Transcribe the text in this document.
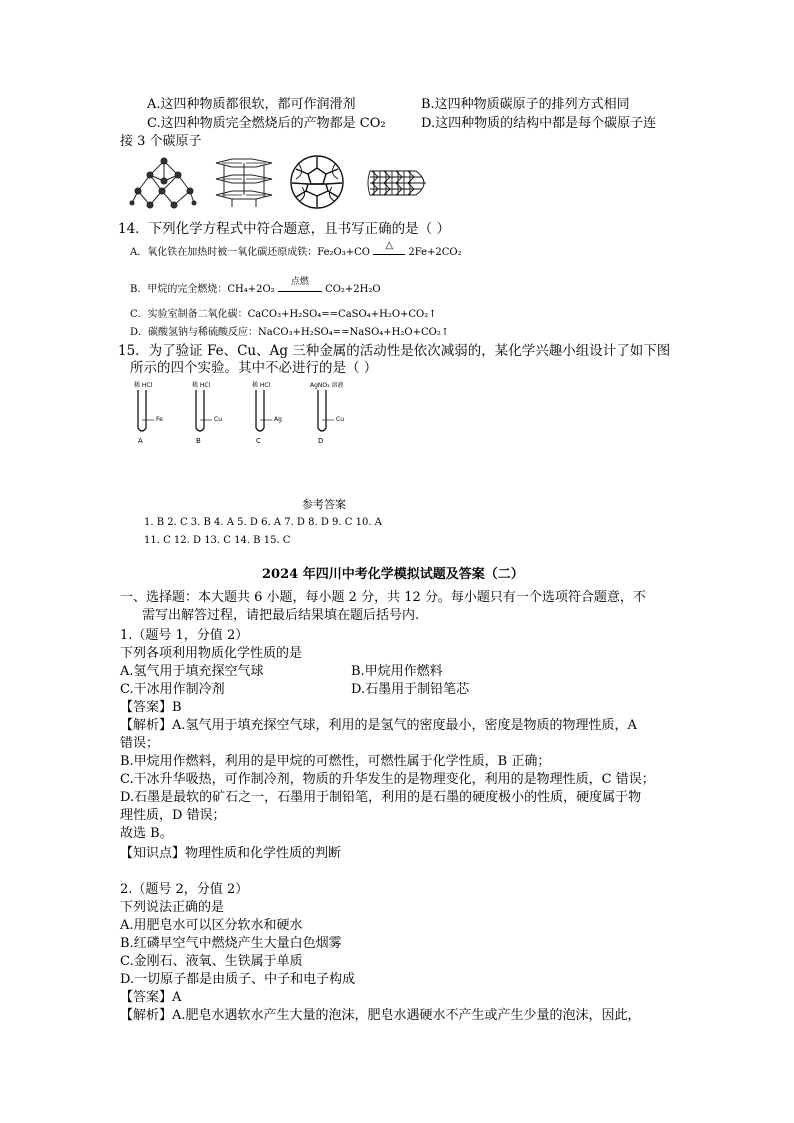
A.这四种物质都很软，都可作润滑剂	B.这四种物质碳原子的排列方式相同
C.这四种物质完全燃烧后的产物都是 CO₂	D.这四种物质的结构中都是每个碳原子连
接 3 个碳原子
14．下列化学方程式中符合题意，且书写正确的是（ ）
A．氧化铁在加热时被一氧化碳还原成铁：Fe₂O₃+CO
△
2Fe+2CO₂
B．甲烷的完全燃烧：CH₄+2O₂
点燃
CO₂+2H₂O
C．实验室制备二氧化碳：CaCO₃+H₂SO₄==CaSO₄+H₂O+CO₂↑
D．碳酸氢钠与稀硫酸反应：NaCO₃+H₂SO₄==NaSO₄+H₂O+CO₂↑
15．为了验证 Fe、Cu、Ag 三种金属的活动性是依次减弱的，某化学兴趣小组设计了如下图
所示的四个实验。其中不必进行的是（ ）
稀 HCl
Fe
A
稀 HCl
Cu
B
稀 HCl
Ag
C
AgNO₃ 溶液
Cu
D
参考答案
1. B 2. C 3. B 4. A 5. D 6. A 7. D 8. D 9. C 10. A
11. C 12. D 13. C 14. B 15. C
2024 年四川中考化学模拟试题及答案（二）
一、选择题：本大题共 6 小题，每小题 2 分，共 12 分。每小题只有一个选项符合题意，不
需写出解答过程，请把最后结果填在题后括号内.
1.（题号 1，分值 2）
下列各项利用物质化学性质的是
A.氢气用于填充探空气球	B.甲烷用作燃料
C.干冰用作制冷剂	D.石墨用于制铅笔芯
【答案】B
【解析】A.氢气用于填充探空气球，利用的是氢气的密度最小，密度是物质的物理性质，A
错误；
B.甲烷用作燃料，利用的是甲烷的可燃性，可燃性属于化学性质，B 正确；
C.干冰升华吸热，可作制冷剂，物质的升华发生的是物理变化，利用的是物理性质，C 错误；
D.石墨是最软的矿石之一，石墨用于制铅笔，利用的是石墨的硬度极小的性质，硬度属于物
理性质，D 错误；
故选 B。
【知识点】物理性质和化学性质的判断
2.（题号 2，分值 2）
下列说法正确的是
A.用肥皂水可以区分软水和硬水
B.红磷早空气中燃烧产生大量白色烟雾
C.金刚石、液氧、生铁属于单质
D.一切原子都是由质子、中子和电子构成
【答案】A
【解析】A.肥皂水遇软水产生大量的泡沫，肥皂水遇硬水不产生或产生少量的泡沫，因此，
